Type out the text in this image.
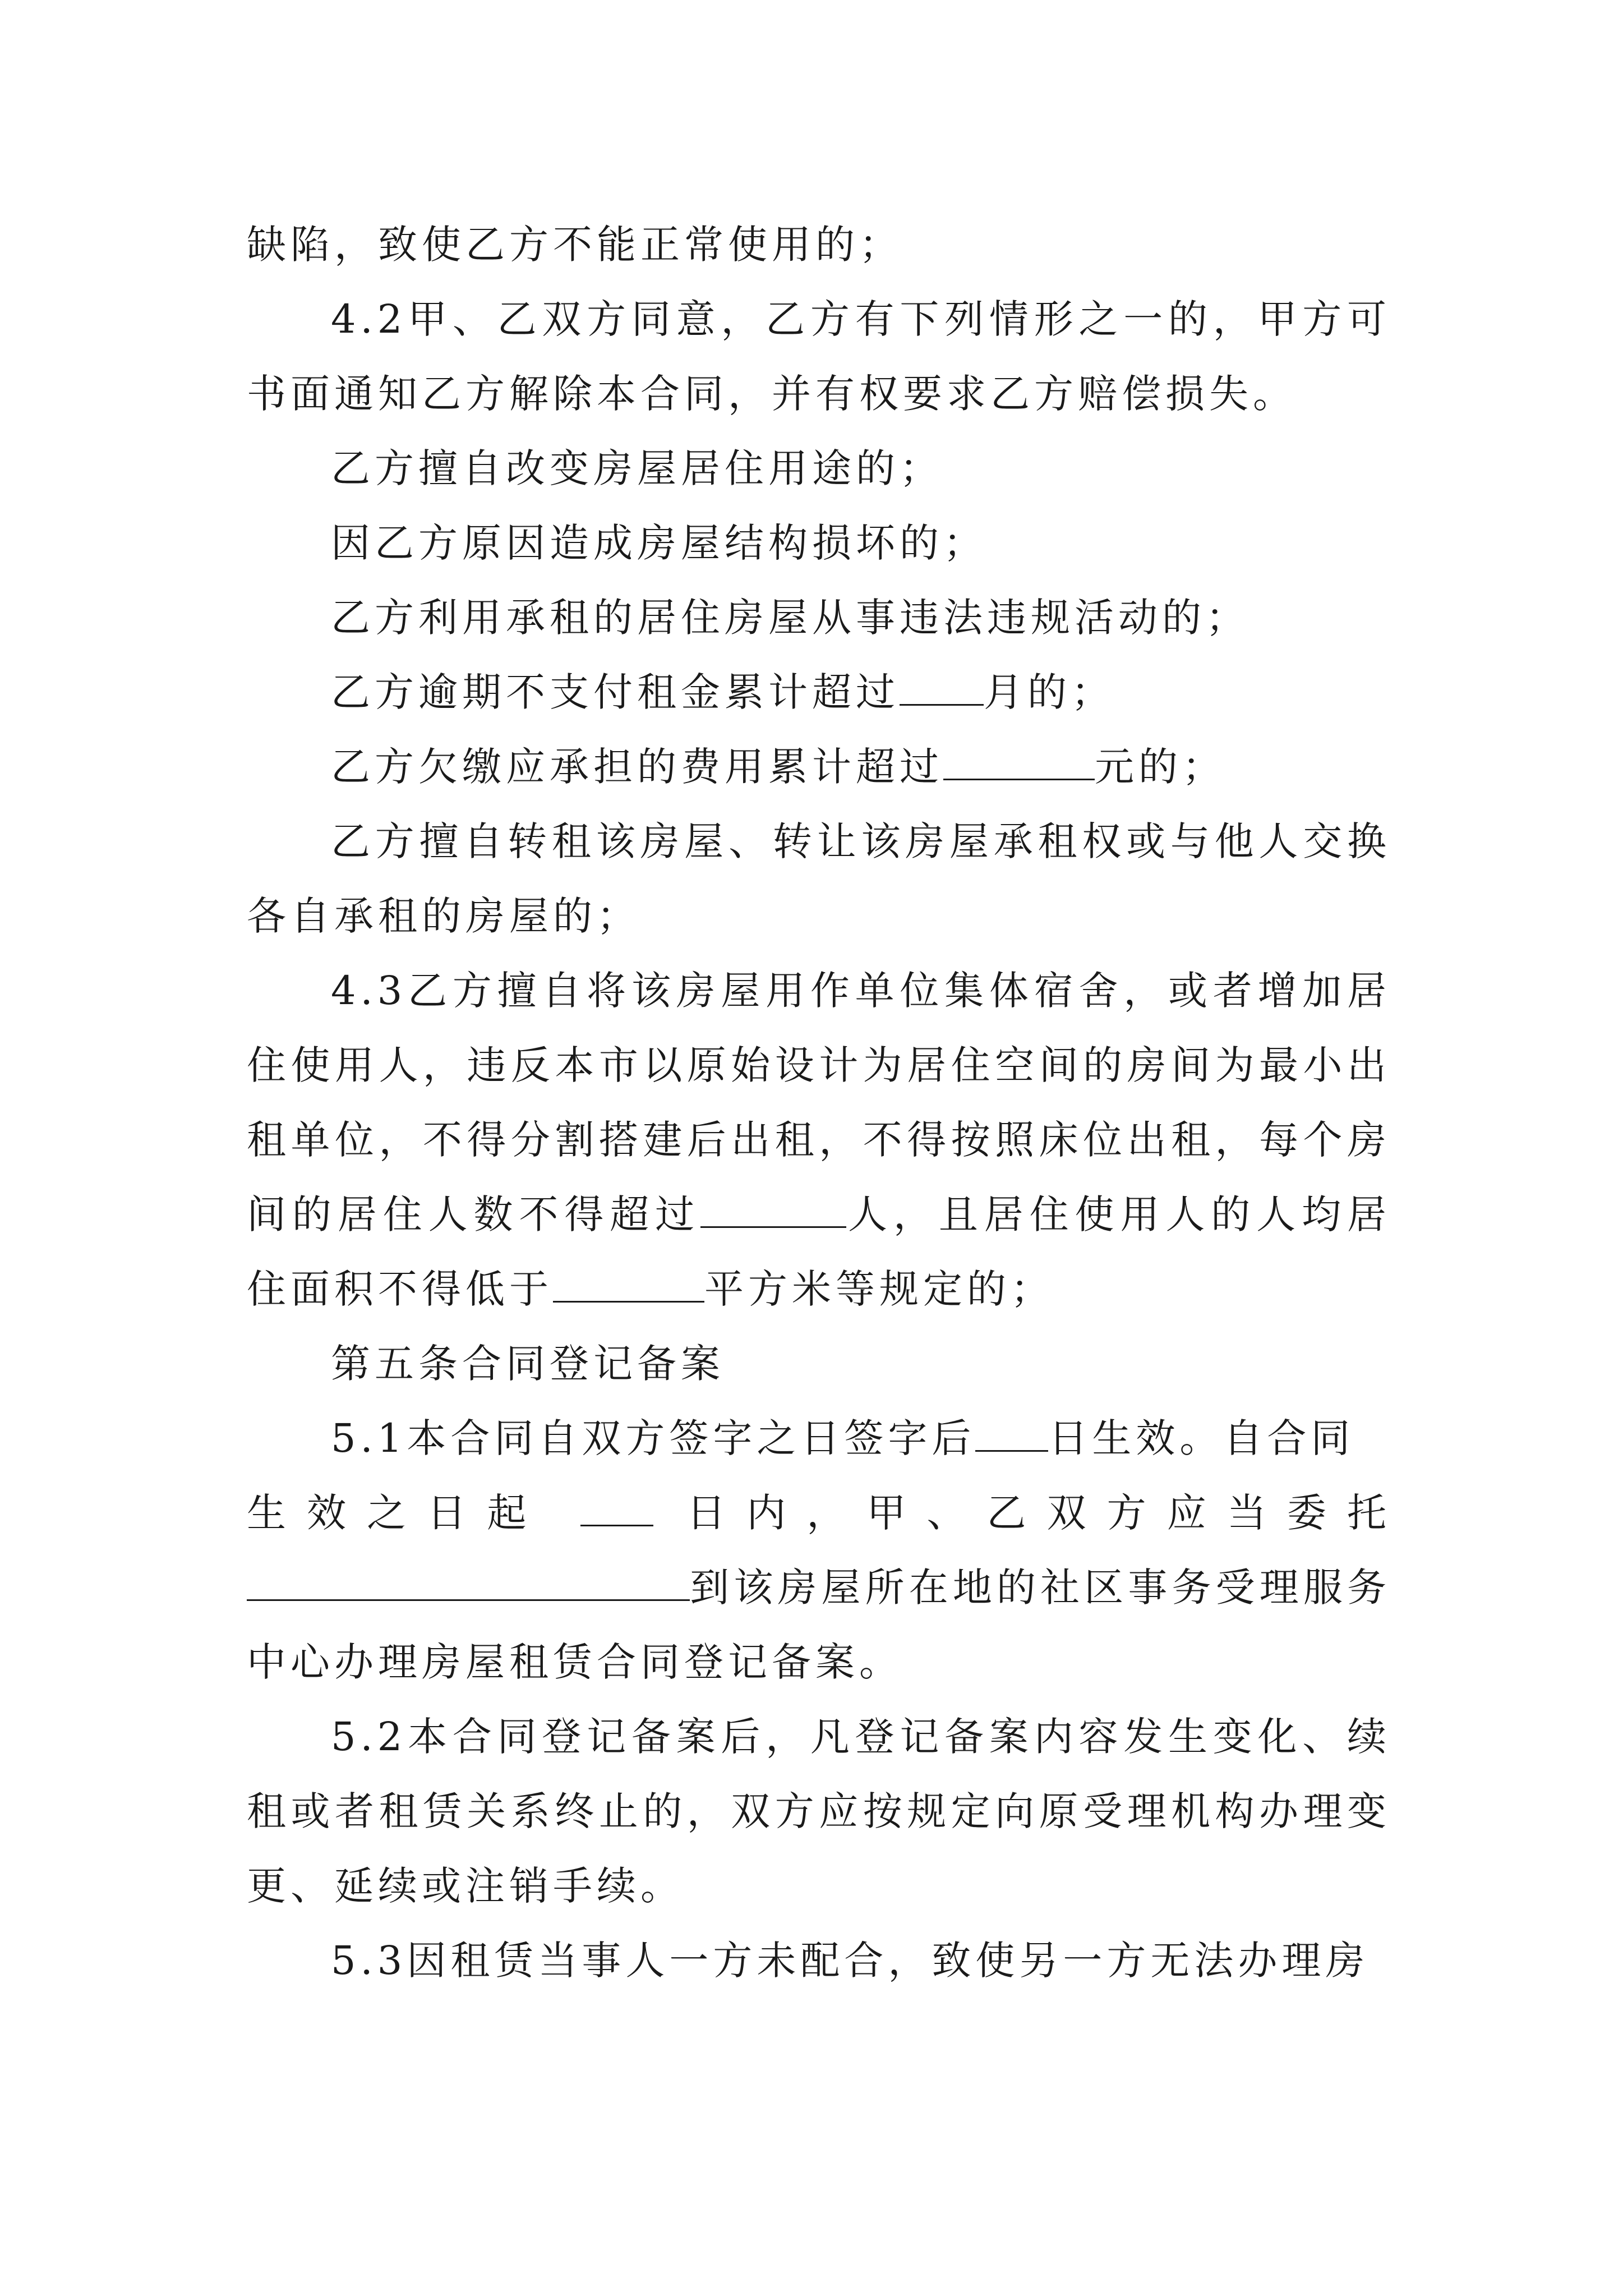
缺陷，致使乙方不能正常使用的；

4.2甲、乙双方同意，乙方有下列情形之一的，甲方可书面通知乙方解除本合同，并有权要求乙方赔偿损失。

乙方擅自改变房屋居住用途的；

因乙方原因造成房屋结构损坏的；

乙方利用承租的居住房屋从事违法违规活动的；

乙方逾期不支付租金累计超过 月的；

乙方欠缴应承担的费用累计超过	元的；

乙方擅自转租该房屋、转让该房屋承租权或与他人交换各自承租的房屋的；

4.3乙方擅自将该房屋用作单位集体宿舍，或者增加居住使用人，违反本市以原始设计为居住空间的房间为最小出租单位，不得分割搭建后出租，不得按照床位出租，每个房间的居住人数不得超过	人，且居住使用人的人均居住面积不得低于	平方米等规定的；

第五条合同登记备案

5.1本合同自双方签字之日签字后 日生效。自合同

生效之日起	日内，甲、乙双方应当委托

到该房屋所在地的社区事务受理服务中心办理房屋租赁合同登记备案。

5.2本合同登记备案后，凡登记备案内容发生变化、续租或者租赁关系终止的，双方应按规定向原受理机构办理变更、延续或注销手续。

5.3因租赁当事人一方未配合，致使另一方无法办理房
